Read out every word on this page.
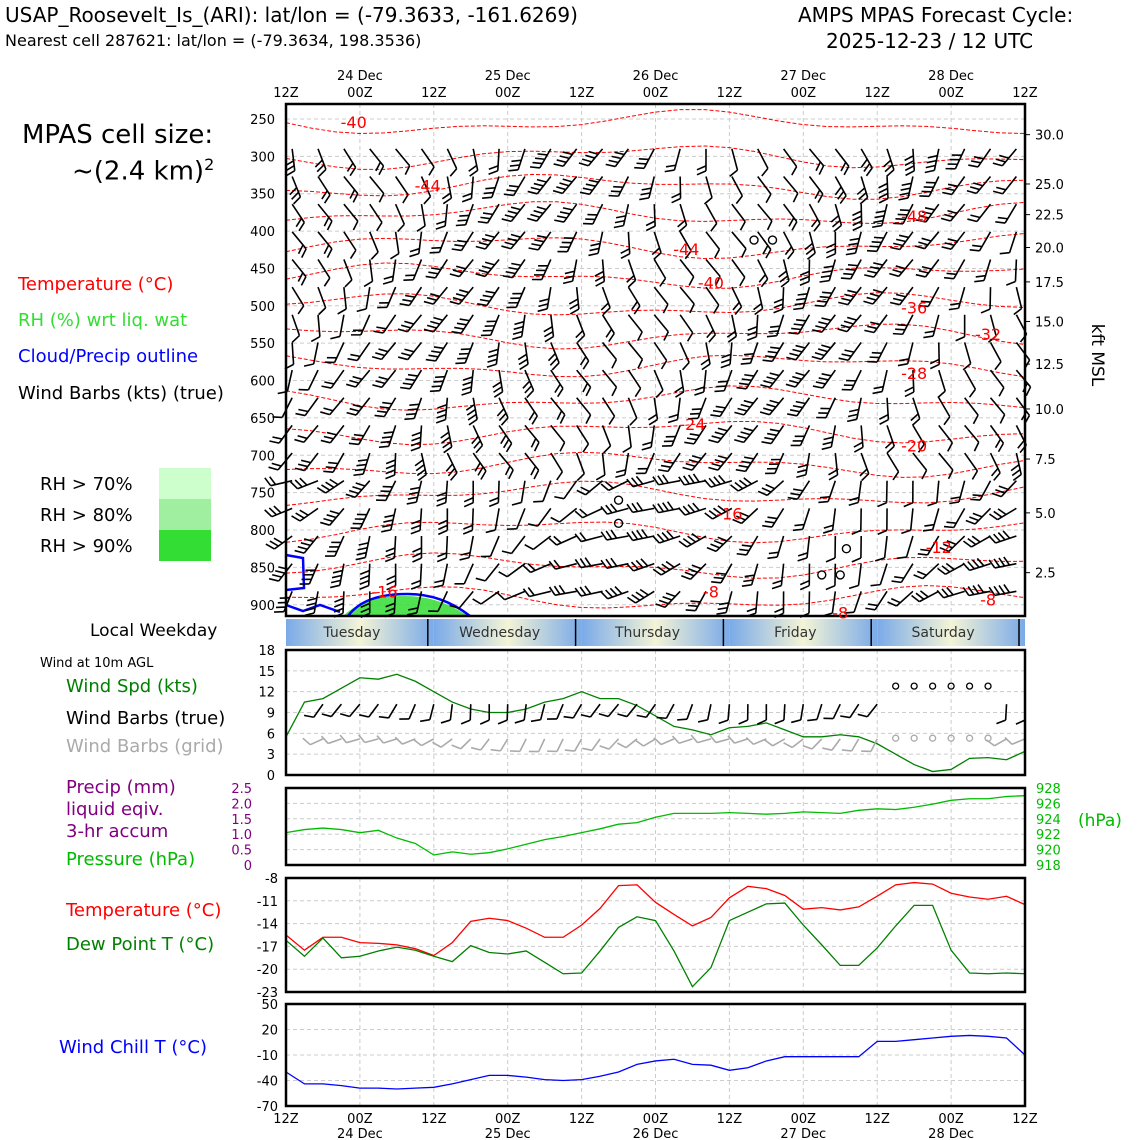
USAP_Roosevelt_Is_(ARI): lat/lon = (-79.3633, -161.6269)
Nearest cell 287621: lat/lon = (-79.3634, 198.3536)
AMPS MPAS Forecast Cycle:
2025-12-23 / 12 UTC
MPAS cell size:
~(2.4 km)$^2$
Temperature (°C)
RH (%) wrt liq. wat
Cloud/Precip outline
Wind Barbs (kts) (true)
RH > 70%
RH > 80%
RH > 90%
Local Weekday
Wind at 10m AGL
Wind Spd (kts)
Wind Barbs (true)
Wind Barbs (grid)
Precip (mm)
liquid eqiv.
3-hr accum
Pressure (hPa)
Temperature (°C)
Dew Point T (°C)
Wind Chill T (°C)
12Z
12Z
00Z
00Z
12Z
12Z
00Z
00Z
12Z
12Z
00Z
00Z
12Z
12Z
00Z
00Z
12Z
12Z
00Z
00Z
12Z
12Z
24 Dec
24 Dec
25 Dec
25 Dec
26 Dec
26 Dec
27 Dec
27 Dec
28 Dec
28 Dec
250
300
350
400
450
500
550
600
650
700
750
800
850
900
30.0
25.0
22.5
20.0
17.5
15.0
12.5
10.0
7.5
5.0
2.5
kft MSL
-40
-44
-48
-44
-40
-36
-32
-28
-24
-20
-16
-12
-8	-8
-8
-16
Tuesday	Wednesday	Thursday	Friday	Saturday
0
3
6
9
12
15
18
2.5	928
2.0	926
1.5	924
1.0	922
0.5	920
0	918
(hPa)
-8
-11
-14
-17
-20
-23
50
20
-10
-40
-70
